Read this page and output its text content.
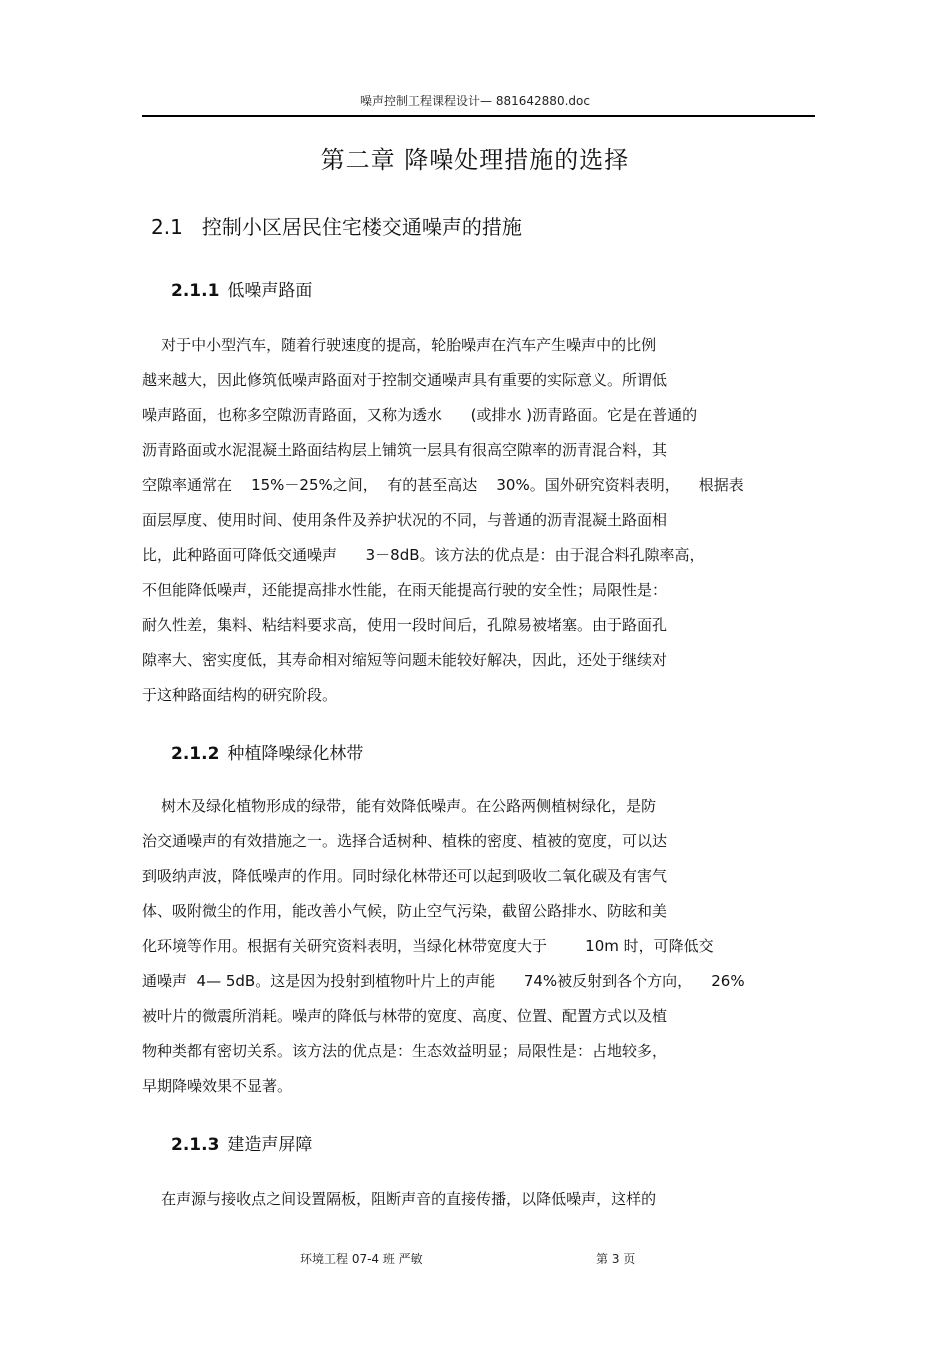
噪声控制工程课程设计— 881642880.doc
第二章 降噪处理措施的选择
2.1 控制小区居民住宅楼交通噪声的措施
2.1.1 低噪声路面

对于中小型汽车，随着行驶速度的提高，轮胎噪声在汽车产生噪声中的比例
越来越大，因此修筑低噪声路面对于控制交通噪声具有重要的实际意义。所谓低
噪声路面，也称多空隙沥青路面，又称为透水      (或排水 )沥青路面。它是在普通的
沥青路面或水泥混凝土路面结构层上铺筑一层具有很高空隙率的沥青混合料，其
空隙率通常在    15%－25%之间，  有的甚至高达    30%。国外研究资料表明，    根据表
面层厚度、使用时间、使用条件及养护状况的不同，与普通的沥青混凝土路面相
比，此种路面可降低交通噪声      3－8dB。该方法的优点是：由于混合料孔隙率高，
不但能降低噪声，还能提高排水性能，在雨天能提高行驶的安全性；局限性是：
耐久性差，集料、粘结料要求高，使用一段时间后，孔隙易被堵塞。由于路面孔
隙率大、密实度低，其寿命相对缩短等问题未能较好解决，因此，还处于继续对
于这种路面结构的研究阶段。

2.1.2 种植降噪绿化林带

树木及绿化植物形成的绿带，能有效降低噪声。在公路两侧植树绿化，是防
治交通噪声的有效措施之一。选择合适树种、植株的密度、植被的宽度，可以达
到吸纳声波，降低噪声的作用。同时绿化林带还可以起到吸收二氧化碳及有害气
体、吸附微尘的作用，能改善小气候，防止空气污染，截留公路排水、防眩和美
化环境等作用。根据有关研究资料表明，当绿化林带宽度大于        10m 时，可降低交
通噪声  4— 5dB。这是因为投射到植物叶片上的声能      74%被反射到各个方向，    26%
被叶片的微震所消耗。噪声的降低与林带的宽度、高度、位置、配置方式以及植
物种类都有密切关系。该方法的优点是：生态效益明显；局限性是：占地较多，
早期降噪效果不显著。

2.1.3 建造声屏障

在声源与接收点之间设置隔板，阻断声音的直接传播，以降低噪声，这样的

环境工程 07-4 班 严敏	第 3 页
